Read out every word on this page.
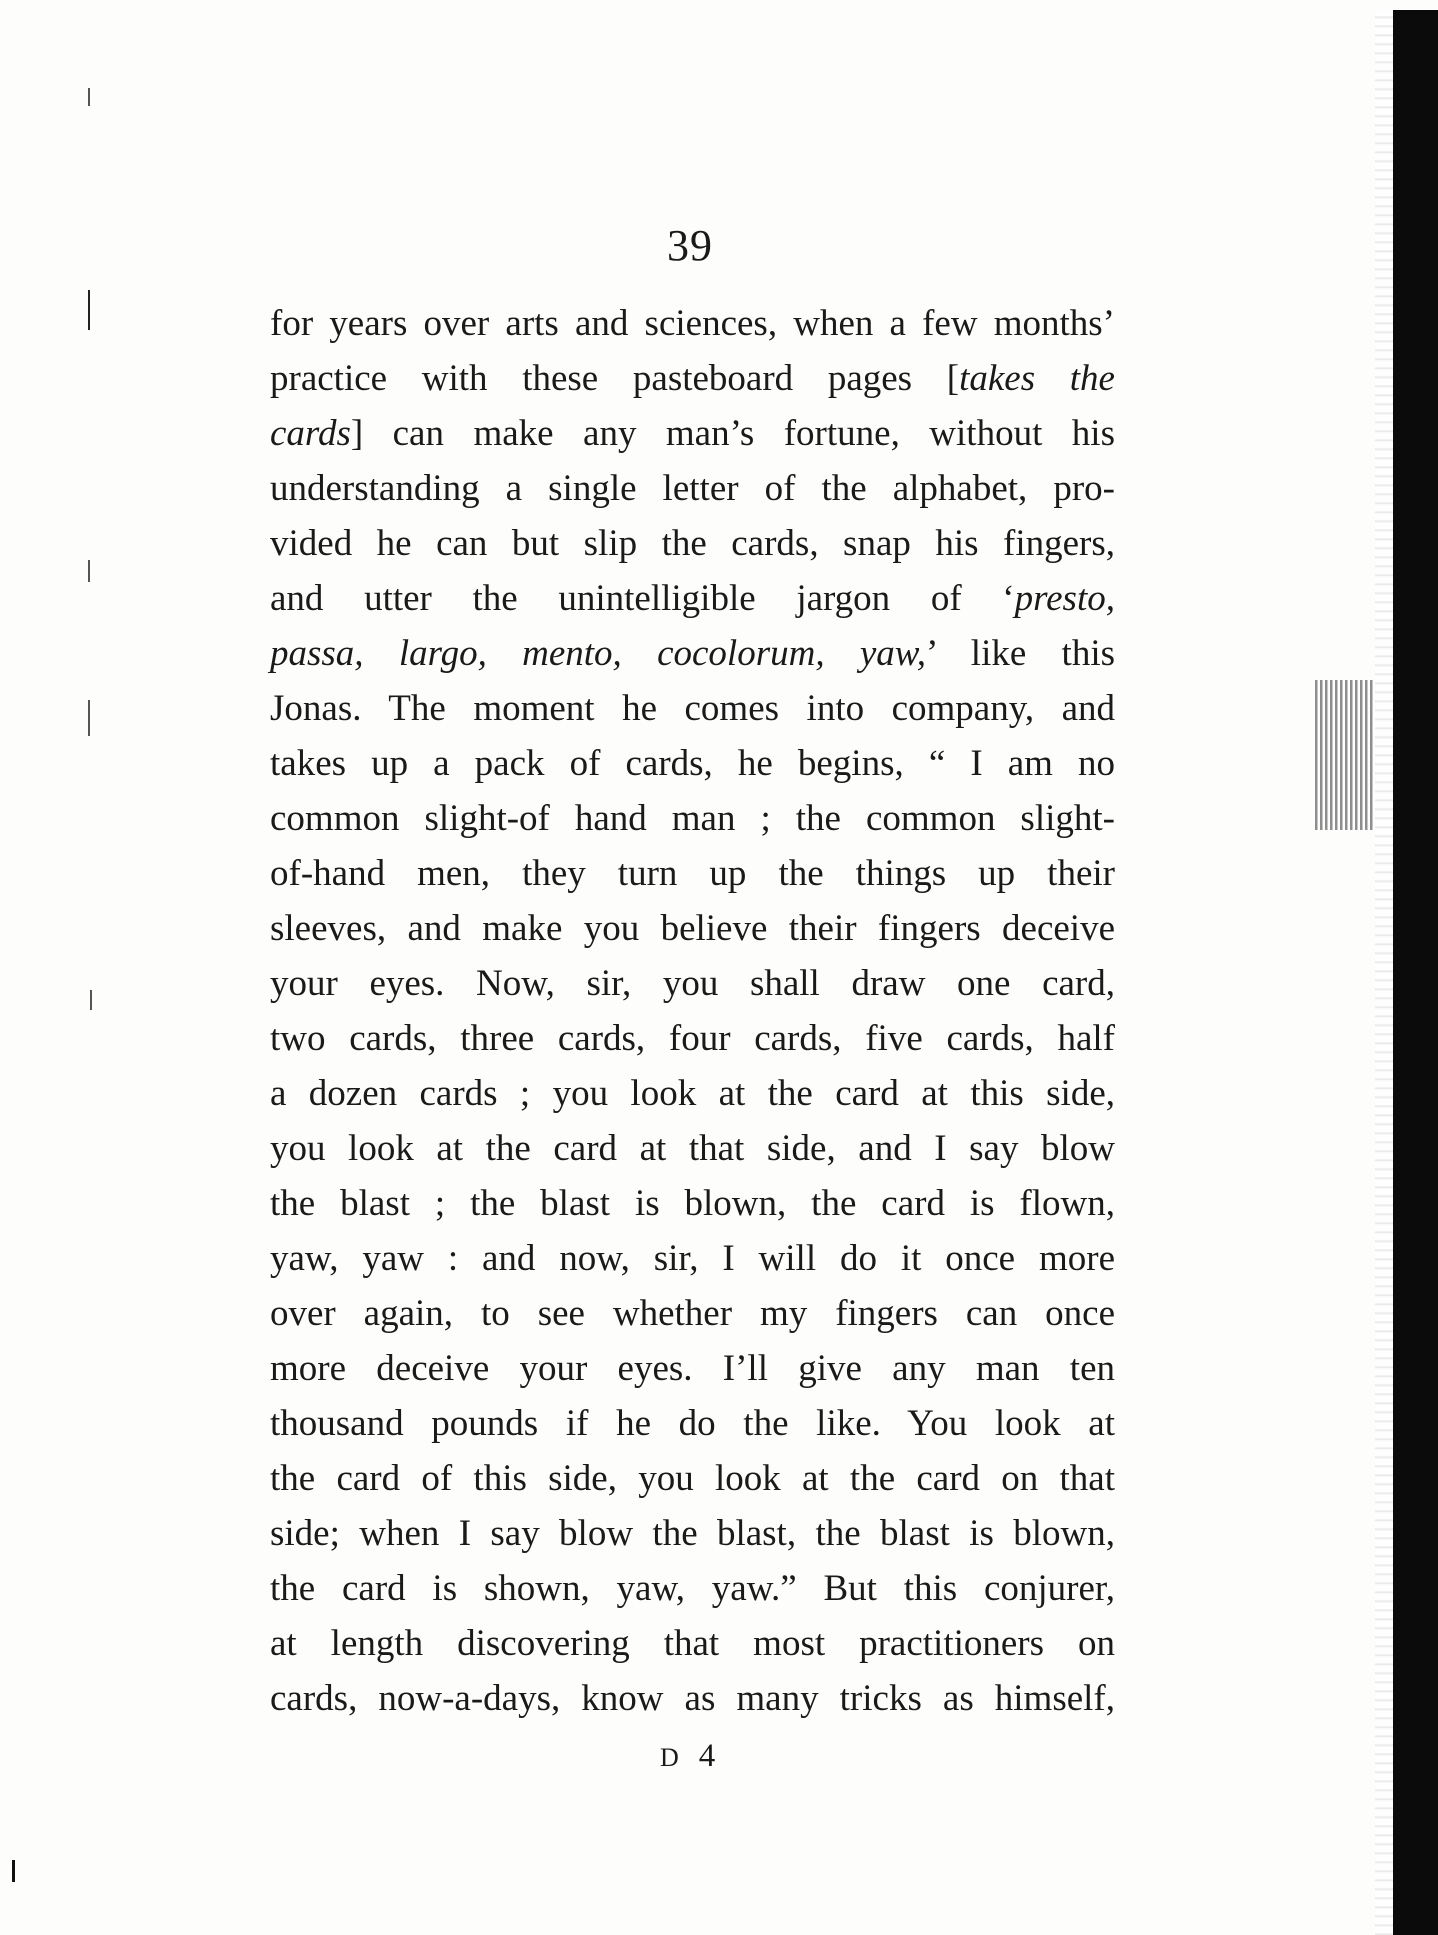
39
for years over arts and sciences, when a few months’
practice with these pasteboard pages [takes the
cards] can make any man’s fortune, without his
understanding a single letter of the alphabet, pro-
vided he can but slip the cards, snap his fingers,
and utter the unintelligible jargon of ‘presto,
passa, largo, mento, cocolorum, yaw,’ like this
Jonas. The moment he comes into company, and
takes up a pack of cards, he begins, “ I am no
common slight-of hand man ; the common slight-
of-hand men, they turn up the things up their
sleeves, and make you believe their fingers deceive
your eyes. Now, sir, you shall draw one card,
two cards, three cards, four cards, five cards, half
a dozen cards ; you look at the card at this side,
you look at the card at that side, and I say blow
the blast ; the blast is blown, the card is flown,
yaw, yaw : and now, sir, I will do it once more
over again, to see whether my fingers can once
more deceive your eyes. I’ll give any man ten
thousand pounds if he do the like. You look at
the card of this side, you look at the card on that
side; when I say blow the blast, the blast is blown,
the card is shown, yaw, yaw.” But this conjurer,
at length discovering that most practitioners on
cards, now-a-days, know as many tricks as himself,
D 4
